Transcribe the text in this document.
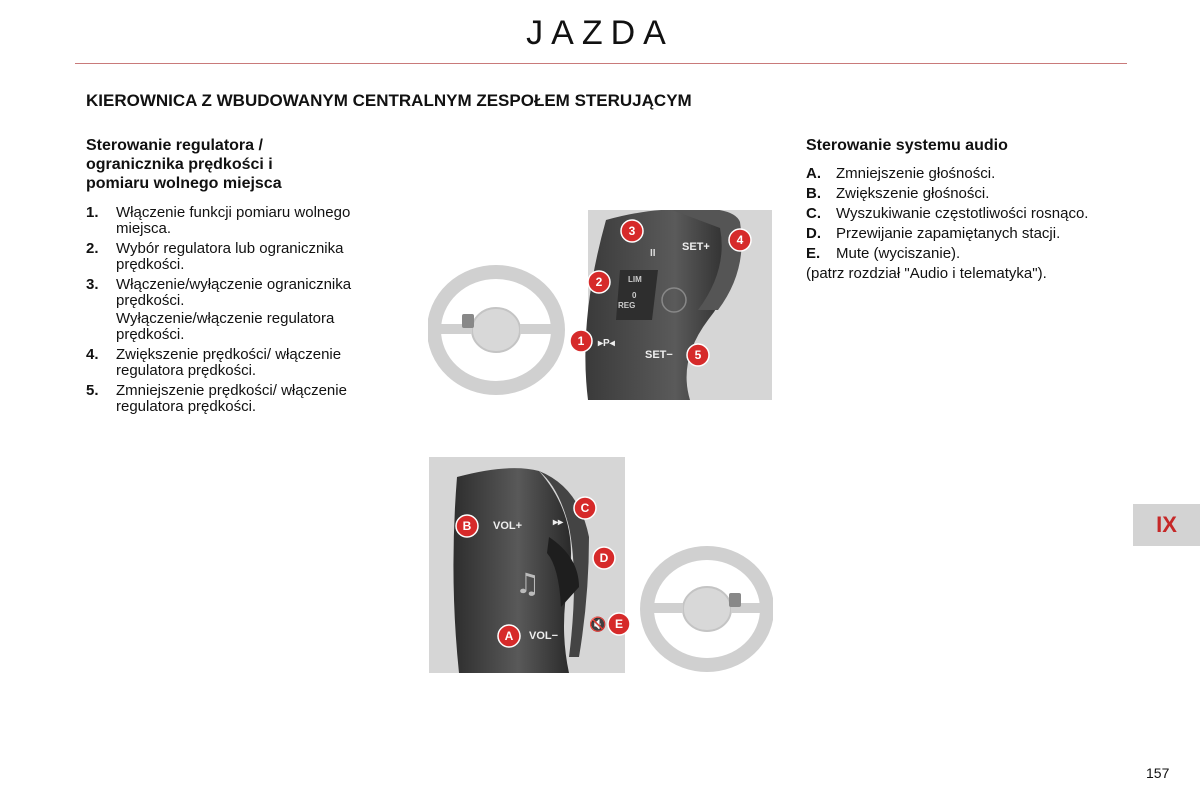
JAZDA
KIEROWNICA Z WBUDOWANYM CENTRALNYM ZESPOŁEM STERUJĄCYM
Sterowanie regulatora /
ogranicznika prędkości i
pomiaru wolnego miejsca
1.	Włączenie funkcji pomiaru wolnego miejsca.
2.	Wybór regulatora lub ogranicznika prędkości.
3.	Włączenie/wyłączenie ogranicznika prędkości.
Wyłączenie/włączenie regulatora prędkości.
4.	Zwiększenie prędkości/ włączenie regulatora prędkości.
5.	Zmniejszenie prędkości/ włączenie regulatora prędkości.
Sterowanie systemu audio
A.	Zmniejszenie głośności.
B.	Zwiększenie głośności.
C.	Wyszukiwanie częstotliwości rosnąco.
D.	Przewijanie zapamiętanych stacji.
E.	Mute (wyciszanie).
(patrz rozdział "Audio i telematyka").
II
LIM
0
REG
SET+
SET−
▸P◂
1
2
3
4
5
VOL+
VOL−
▸▸
♫
🔇
A
B
C
D
E
IX
157
